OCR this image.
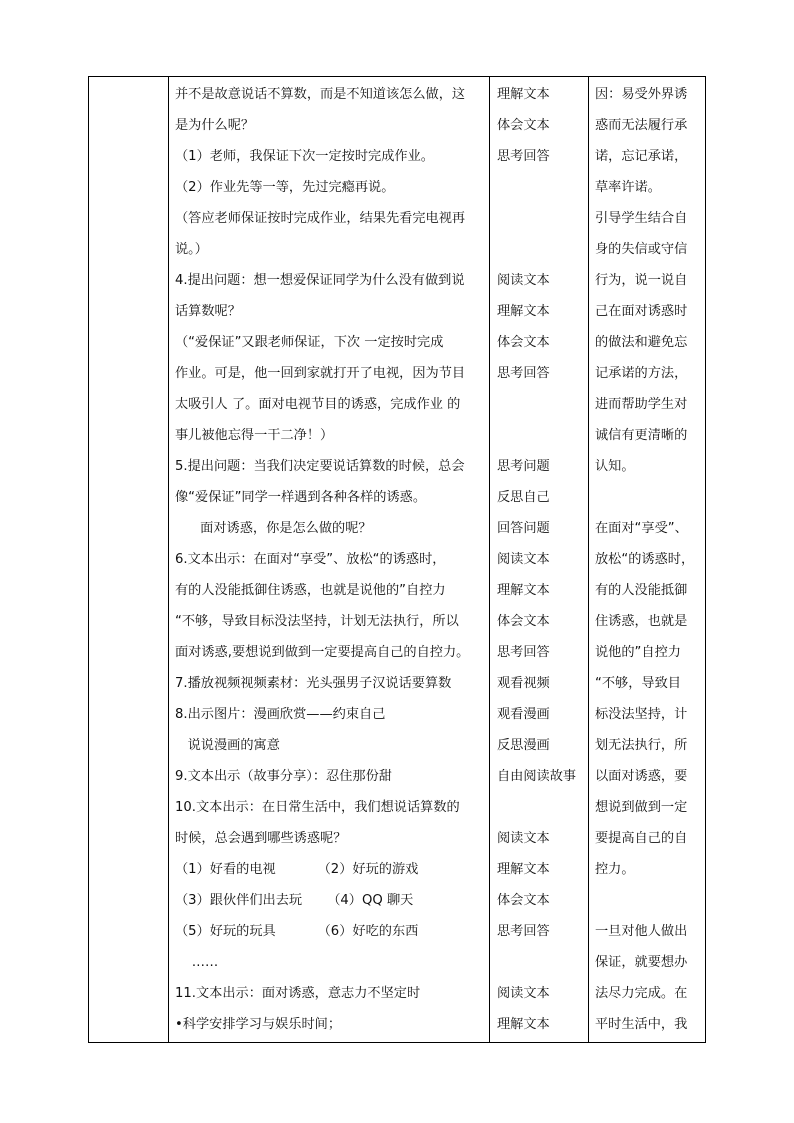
并不是故意说话不算数，而是不知道该怎么做，这
是为什么呢？
（1）老师，我保证下次一定按时完成作业。
（2）作业先等一等，先过完瘾再说。
（答应老师保证按时完成作业，结果先看完电视再
说。）
4.提出问题：想一想爱保证同学为什么没有做到说
话算数呢？
（“爱保证”又跟老师保证，下次 一定按时完成
作业。可是，他一回到家就打开了电视，因为节目
太吸引人 了。面对电视节目的诱惑，完成作业 的
事儿被他忘得一干二净！）
5.提出问题：当我们决定要说话算数的时候，总会
像“爱保证”同学一样遇到各种各样的诱惑。
面对诱惑，你是怎么做的呢？
6.文本出示：在面对“享受”、放松“的诱惑时，
有的人没能抵御住诱惑，也就是说他的”自控力
“不够，导致目标没法坚持，计划无法执行，所以
面对诱惑,要想说到做到一定要提高自己的自控力。
7.播放视频视频素材：光头强男子汉说话要算数
8.出示图片：漫画欣赏——约束自己
说说漫画的寓意
9.文本出示（故事分享）：忍住那份甜
10.文本出示：在日常生活中，我们想说话算数的
时候，总会遇到哪些诱惑呢？
（1）好看的电视          （2）好玩的游戏
（3）跟伙伴们出去玩      （4）QQ 聊天
（5）好玩的玩具          （6）好吃的东西
……
11.文本出示：面对诱惑，意志力不坚定时
•科学安排学习与娱乐时间；
理解文本
体会文本
思考回答
阅读文本
理解文本
体会文本
思考回答
思考问题
反思自己
回答问题
阅读文本
理解文本
体会文本
思考回答
观看视频
观看漫画
反思漫画
自由阅读故事
阅读文本
理解文本
体会文本
思考回答
阅读文本
理解文本
因：易受外界诱
惑而无法履行承
诺，忘记承诺，
草率许诺。
引导学生结合自
身的失信或守信
行为，说一说自
己在面对诱惑时
的做法和避免忘
记承诺的方法，
进而帮助学生对
诚信有更清晰的
认知。
在面对“享受”、
放松“的诱惑时，
有的人没能抵御
住诱惑，也就是
说他的”自控力
“不够，导致目
标没法坚持，计
划无法执行，所
以面对诱惑，要
想说到做到一定
要提高自己的自
控力。
一旦对他人做出
保证，就要想办
法尽力完成。在
平时生活中，我
